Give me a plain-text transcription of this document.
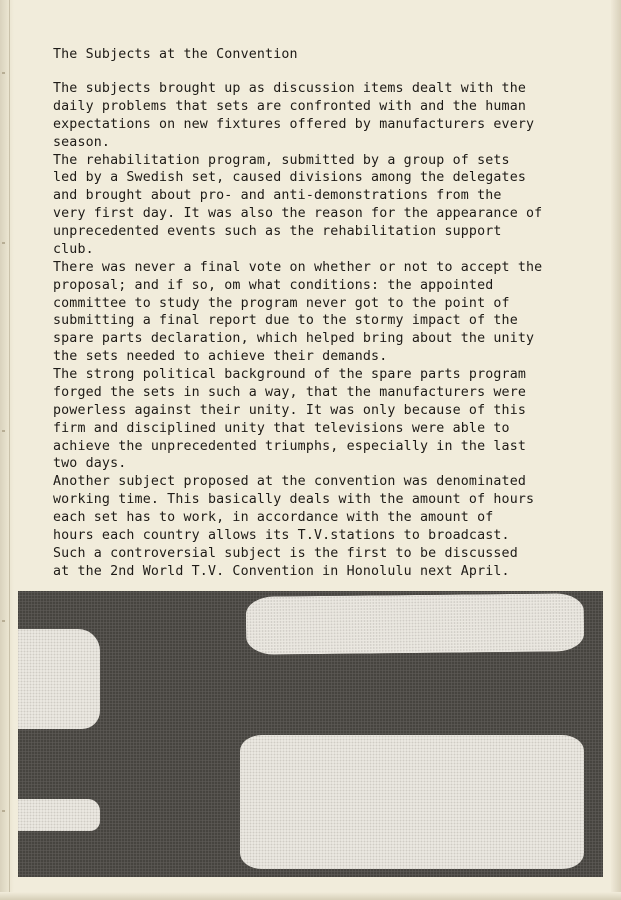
The Subjects at the Convention
The subjects brought up as discussion items dealt with the
daily problems that sets are confronted with and the human
expectations on new fixtures offered by manufacturers every
season.
The rehabilitation program, submitted by a group of sets
led by a Swedish set, caused divisions among the delegates
and brought about pro- and anti-demonstrations from the
very first day. It was also the reason for the appearance of
unprecedented events such as the rehabilitation support
club.
There was never a final vote on whether or not to accept the
proposal; and if so, om what conditions: the appointed
committee to study the program never got to the point of
submitting a final report due to the stormy impact of the
spare parts declaration, which helped bring about the unity
the sets needed to achieve their demands.
The strong political background of the spare parts program
forged the sets in such a way, that the manufacturers were
powerless against their unity. It was only because of this
firm and disciplined unity that televisions were able to
achieve the unprecedented triumphs, especially in the last
two days.
Another subject proposed at the convention was denominated
working time. This basically deals with the amount of hours
each set has to work, in accordance with the amount of
hours each country allows its T.V.stations to broadcast.
Such a controversial subject is the first to be discussed
at the 2nd World T.V. Convention in Honolulu next April.
